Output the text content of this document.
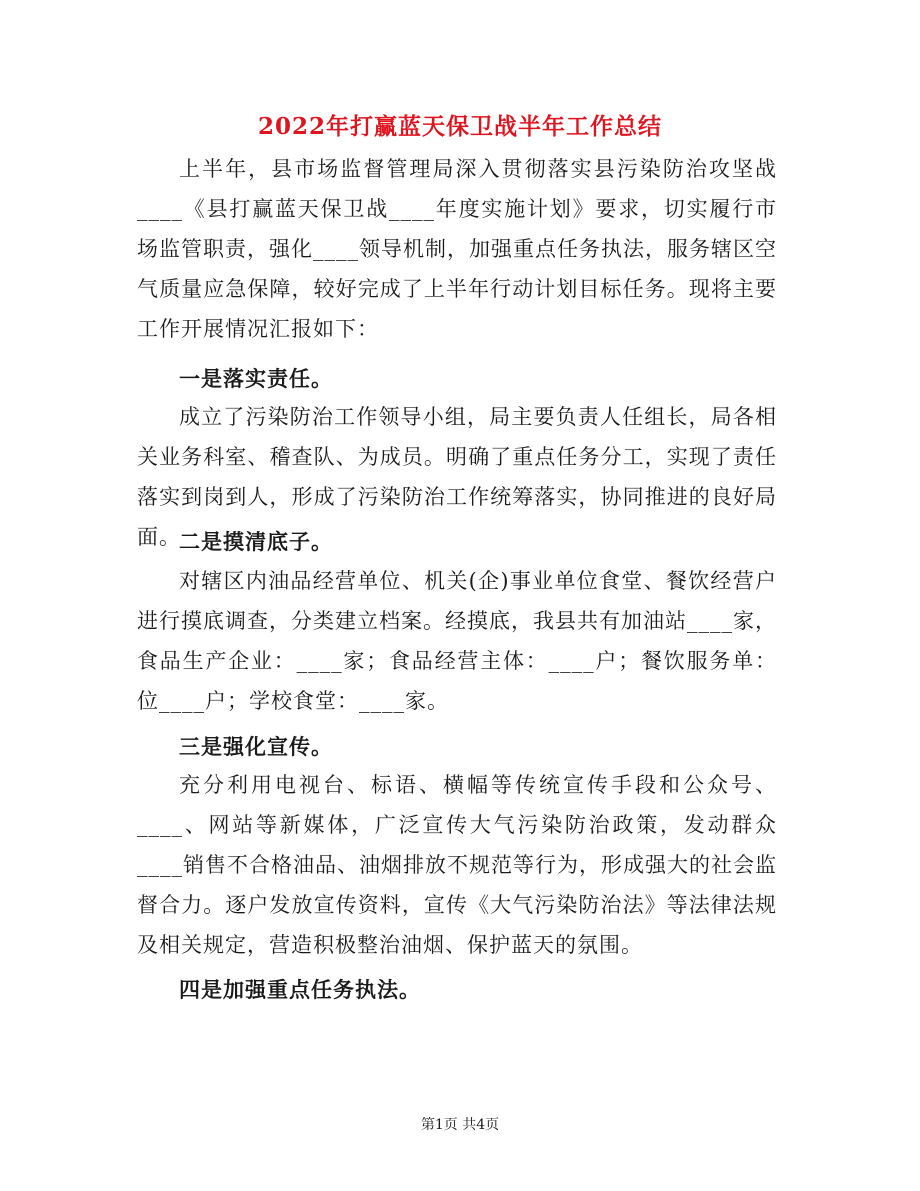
2022年打赢蓝天保卫战半年工作总结

上半年，县市场监督管理局深入贯彻落实县污染防治攻坚战____《县打赢蓝天保卫战____年度实施计划》要求，切实履行市场监管职责，强化____领导机制，加强重点任务执法，服务辖区空气质量应急保障，较好完成了上半年行动计划目标任务。现将主要工作开展情况汇报如下：

一是落实责任。

成立了污染防治工作领导小组，局主要负责人任组长，局各相关业务科室、稽查队、为成员。明确了重点任务分工，实现了责任落实到岗到人，形成了污染防治工作统筹落实，协同推进的良好局面。

二是摸清底子。

对辖区内油品经营单位、机关(企)事业单位食堂、餐饮经营户进行摸底调查，分类建立档案。经摸底，我县共有加油站____家，食品生产企业：____家；食品经营主体：____户；餐饮服务单：位____户；学校食堂：____家。

三是强化宣传。

充分利用电视台、标语、横幅等传统宣传手段和公众号、____、网站等新媒体，广泛宣传大气污染防治政策，发动群众____销售不合格油品、油烟排放不规范等行为，形成强大的社会监督合力。逐户发放宣传资料，宣传《大气污染防治法》等法律法规及相关规定，营造积极整治油烟、保护蓝天的氛围。

四是加强重点任务执法。

第1页 共4页
